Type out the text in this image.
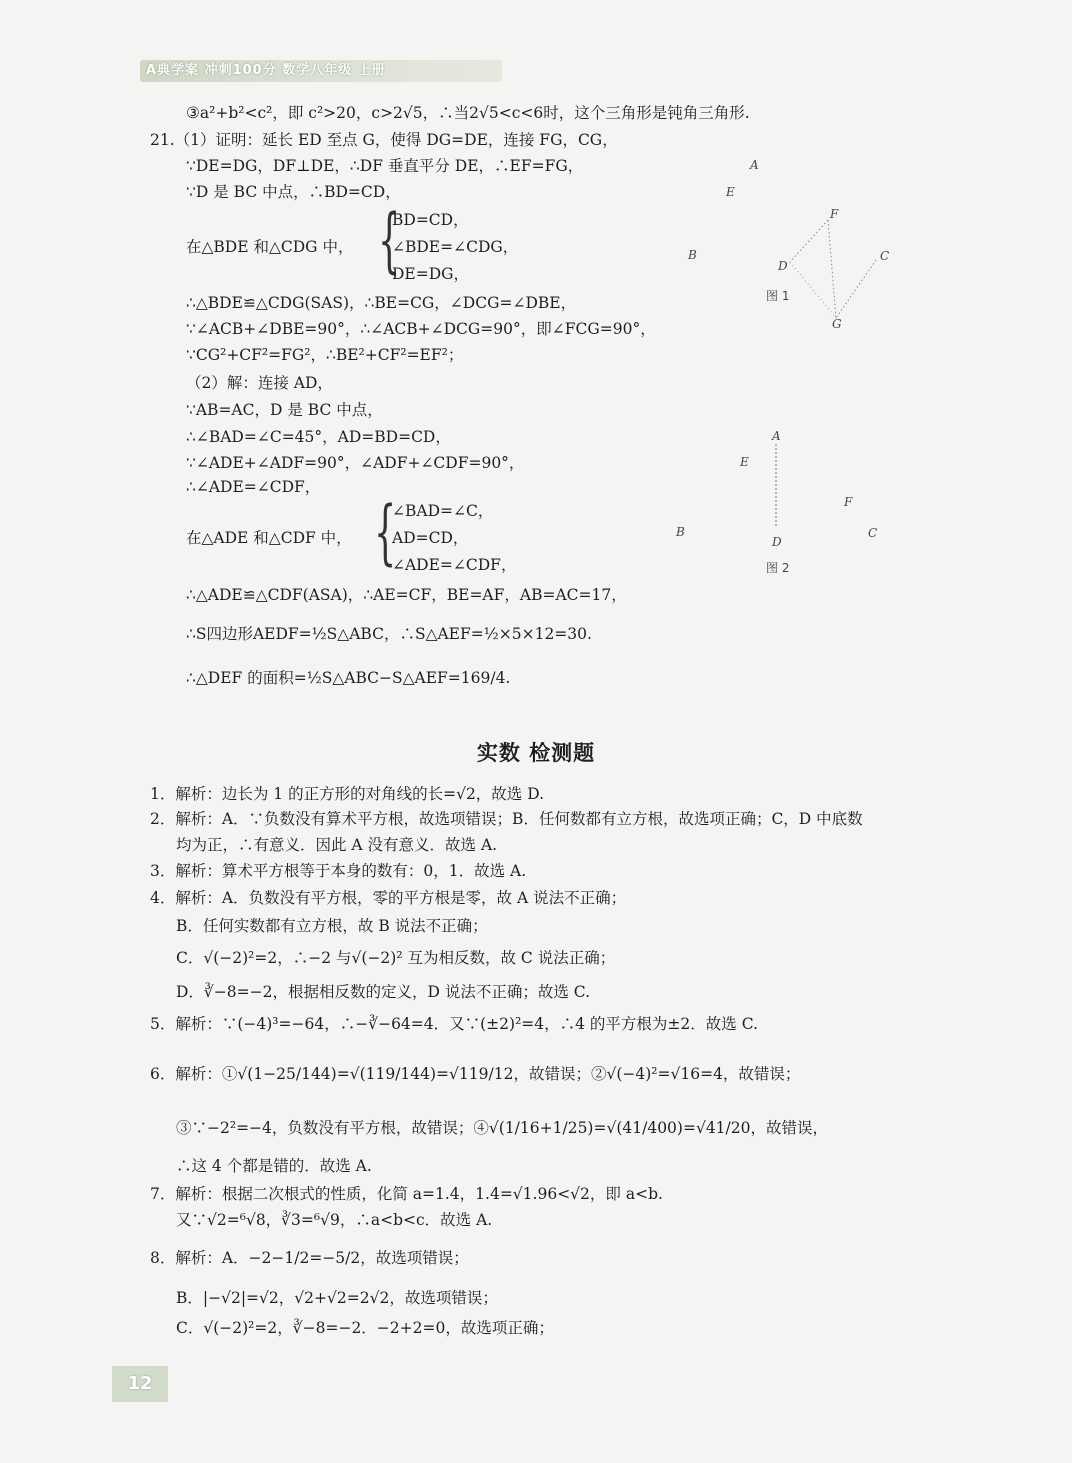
A典学案 冲刺100分 数学八年级 上册
③a²+b²<c²，即 c²>20，c>2√5，∴当2√5<c<6时，这个三角形是钝角三角形.
21.（1）证明：延长 ED 至点 G，使得 DG=DE，连接 FG，CG，
∵DE=DG，DF⊥DE，∴DF 垂直平分 DE，∴EF=FG，
∵D 是 BC 中点，∴BD=CD，
在△BDE 和△CDG 中， {
BD=CD，
∠BDE=∠CDG，
DE=DG，
∴△BDE≌△CDG(SAS)，∴BE=CG，∠DCG=∠DBE，
∵∠ACB+∠DBE=90°，∴∠ACB+∠DCG=90°，即∠FCG=90°，
∵CG²+CF²=FG²，∴BE²+CF²=EF²；
（2）解：连接 AD，
∵AB=AC，D 是 BC 中点，
∴∠BAD=∠C=45°，AD=BD=CD，
∵∠ADE+∠ADF=90°，∠ADF+∠CDF=90°，
∴∠ADE=∠CDF，
在△ADE 和△CDF 中， {
∠BAD=∠C，
AD=CD，
∠ADE=∠CDF，
∴△ADE≌△CDF(ASA)，∴AE=CF，BE=AF，AB=AC=17，
∴S四边形AEDF=½S△ABC，∴S△AEF=½×5×12=30.
∴△DEF 的面积=½S△ABC−S△AEF=169/4.
A
E
F
B
D
C
图 1
G
A
E
F
B	C
D
图 2
实数 检测题
1．解析：边长为 1 的正方形的对角线的长=√2，故选 D.
2．解析：A．∵负数没有算术平方根，故选项错误；B．任何数都有立方根，故选项正确；C，D 中底数
均为正，∴有意义．因此 A 没有意义．故选 A.
3．解析：算术平方根等于本身的数有：0，1．故选 A.
4．解析：A．负数没有平方根，零的平方根是零，故 A 说法不正确；
B．任何实数都有立方根，故 B 说法不正确；
C．√(−2)²=2，∴−2 与√(−2)² 互为相反数，故 C 说法正确；
D．∛−8=−2，根据相反数的定义，D 说法不正确；故选 C.
5．解析：∵(−4)³=−64，∴−∛−64=4．又∵(±2)²=4，∴4 的平方根为±2．故选 C.
6．解析：①√(1−25/144)=√(119/144)=√119/12，故错误；②√(−4)²=√16=4，故错误；
③∵−2²=−4，负数没有平方根，故错误；④√(1/16+1/25)=√(41/400)=√41/20，故错误，
∴这 4 个都是错的．故选 A.
7．解析：根据二次根式的性质，化简 a=1.4，1.4=√1.96<√2，即 a<b.
又∵√2=⁶√8，∛3=⁶√9，∴a<b<c．故选 A.
8．解析：A．−2−1/2=−5/2，故选项错误；
B．|−√2|=√2，√2+√2=2√2，故选项错误；
C．√(−2)²=2，∛−8=−2．−2+2=0，故选项正确；
12
